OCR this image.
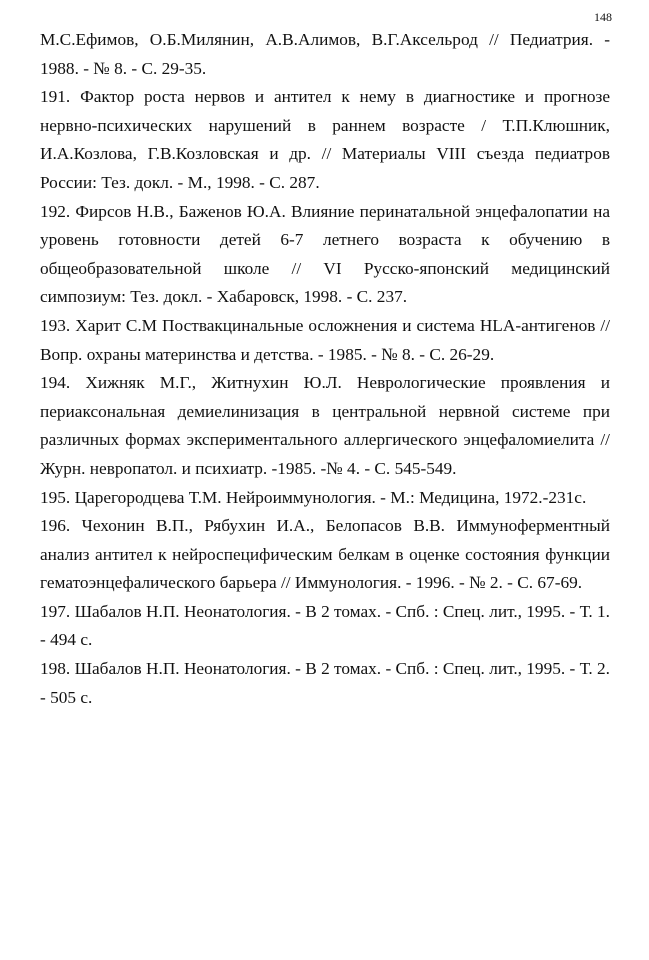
148

М.С.Ефимов, О.Б.Милянин, А.В.Алимов, В.Г.Аксельрод // Педиатрия. - 1988. - № 8. - С. 29-35.

191. Фактор роста нервов и антител к нему в диагностике и прогнозе нервно-психических нарушений в раннем возрасте / Т.П.Клюшник, И.А.Козлова, Г.В.Козловская и др. // Материалы VIII съезда педиатров России: Тез. докл. - М., 1998. - С. 287.

192. Фирсов Н.В., Баженов Ю.А. Влияние перинатальной энцефалопатии на уровень готовности детей 6-7 летнего возраста к обучению в общеобразовательной школе // VI Русско-японский медицинский симпозиум: Тез. докл. - Хабаровск, 1998. - С. 237.

193. Харит С.М Поствакцинальные осложнения и система HLA-антигенов // Вопр. охраны материнства и детства. - 1985. - № 8. - С. 26-29.

194. Хижняк М.Г., Житнухин Ю.Л. Неврологические проявления и периаксональная демиелинизация в центральной нервной системе при различных формах экспериментального аллергического энцефаломиелита // Журн. невропатол. и психиатр. -1985. -№ 4. - С. 545-549.

195. Царегородцева Т.М. Нейроиммунология. - М.: Медицина, 1972.-231с.

196. Чехонин В.П., Рябухин И.А., Белопасов В.В. Иммуноферментный анализ антител к нейроспецифическим белкам в оценке состояния функции гематоэнцефалического барьера // Иммунология. - 1996. - № 2. - С. 67-69.

197. Шабалов Н.П. Неонатология. - В 2 томах. - Спб. : Спец. лит., 1995. - Т. 1. - 494 с.

198. Шабалов Н.П. Неонатология. - В 2 томах. - Спб. : Спец. лит., 1995. - Т. 2. - 505 с.
